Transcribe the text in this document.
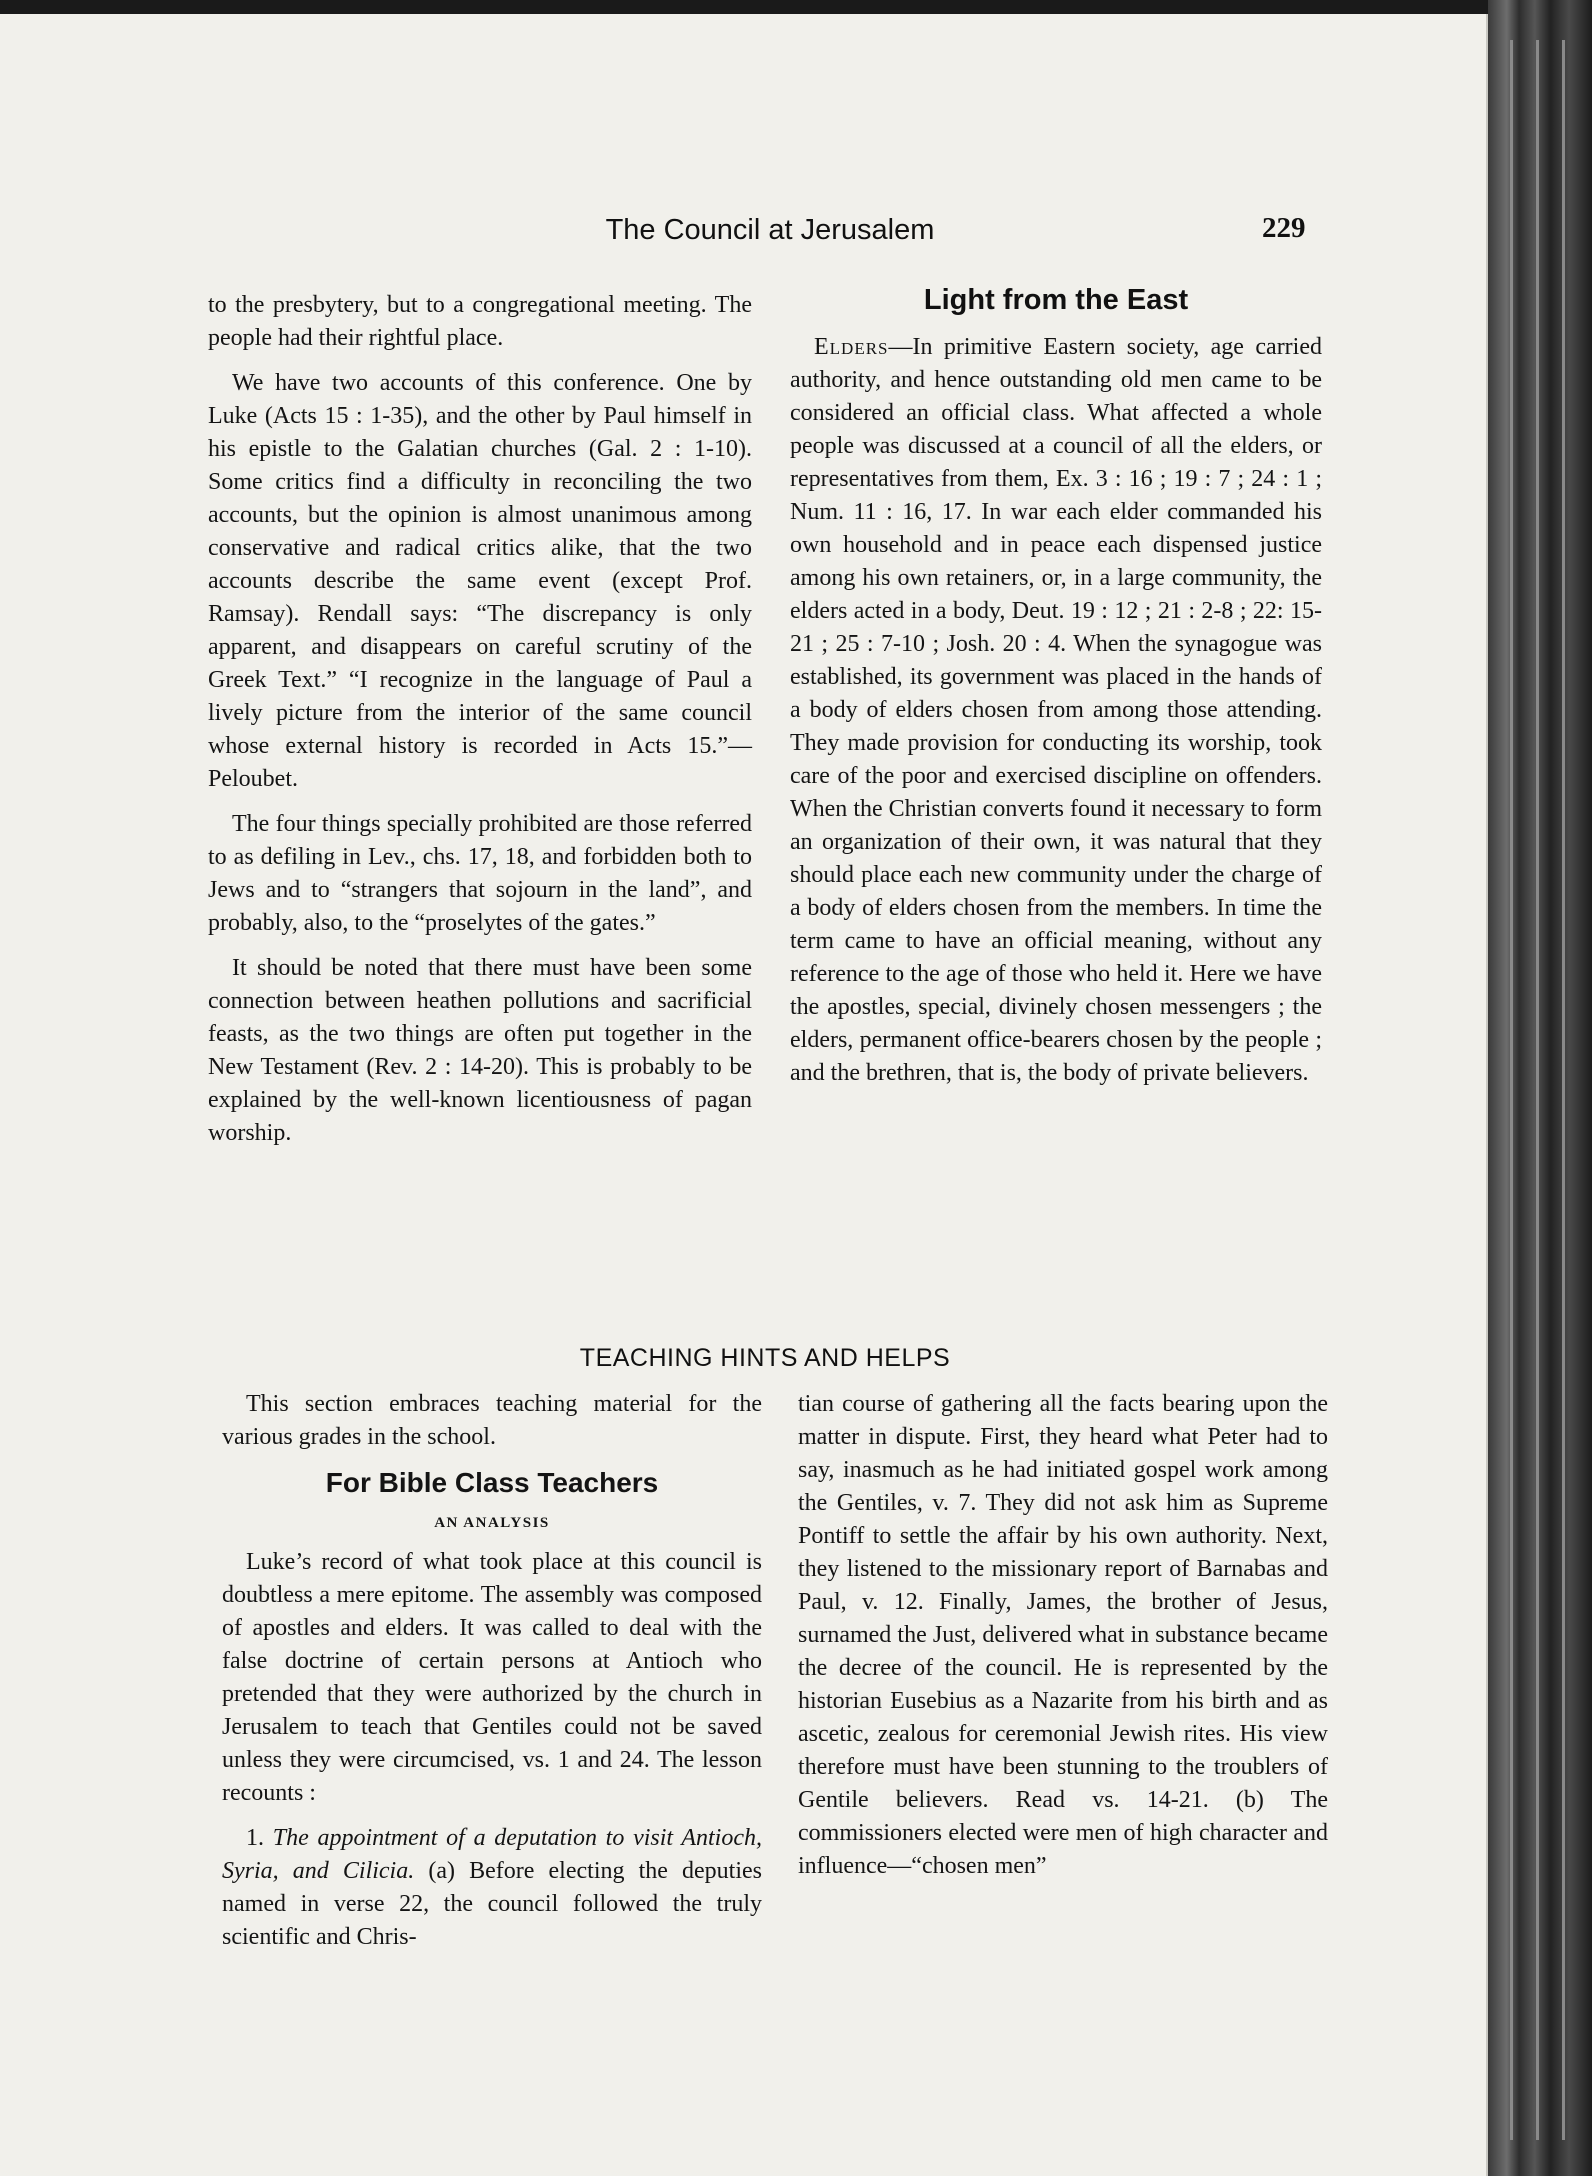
The Council at Jerusalem	229

to the presbytery, but to a congregational meeting. The people had their rightful place.

We have two accounts of this conference. One by Luke (Acts 15 : 1-35), and the other by Paul himself in his epistle to the Galatian churches (Gal. 2 : 1-10). Some critics find a difficulty in reconciling the two accounts, but the opinion is almost unanimous among conservative and radical critics alike, that the two accounts describe the same event (except Prof. Ramsay). Rendall says: “The discrepancy is only apparent, and disappears on careful scrutiny of the Greek Text.” “I recognize in the language of Paul a lively picture from the interior of the same council whose external history is recorded in Acts 15.”—Peloubet.

The four things specially prohibited are those referred to as defiling in Lev., chs. 17, 18, and forbidden both to Jews and to “strangers that sojourn in the land”, and probably, also, to the “proselytes of the gates.”

It should be noted that there must have been some connection between heathen pollutions and sacrificial feasts, as the two things are often put together in the New Testament (Rev. 2 : 14-20). This is probably to be explained by the well-known licentiousness of pagan worship.

Light from the East

Elders—In primitive Eastern society, age carried authority, and hence outstanding old men came to be considered an official class. What affected a whole people was discussed at a council of all the elders, or representatives from them, Ex. 3 : 16 ; 19 : 7 ; 24 : 1 ; Num. 11 : 16, 17. In war each elder commanded his own household and in peace each dispensed justice among his own retainers, or, in a large community, the elders acted in a body, Deut. 19 : 12 ; 21 : 2-8 ; 22: 15-21 ; 25 : 7-10 ; Josh. 20 : 4. When the synagogue was established, its government was placed in the hands of a body of elders chosen from among those attending. They made provision for conducting its worship, took care of the poor and exercised discipline on offenders. When the Christian converts found it necessary to form an organization of their own, it was natural that they should place each new community under the charge of a body of elders chosen from the members. In time the term came to have an official meaning, without any reference to the age of those who held it. Here we have the apostles, special, divinely chosen messengers ; the elders, permanent office-bearers chosen by the people ; and the brethren, that is, the body of private believers.

TEACHING HINTS AND HELPS

This section embraces teaching material for the various grades in the school.

For Bible Class Teachers
AN ANALYSIS

Luke’s record of what took place at this council is doubtless a mere epitome. The assembly was composed of apostles and elders. It was called to deal with the false doctrine of certain persons at Antioch who pretended that they were authorized by the church in Jerusalem to teach that Gentiles could not be saved unless they were circumcised, vs. 1 and 24. The lesson recounts :

1. The appointment of a deputation to visit Antioch, Syria, and Cilicia. (a) Before electing the deputies named in verse 22, the council followed the truly scientific and Chris-

tian course of gathering all the facts bearing upon the matter in dispute. First, they heard what Peter had to say, inasmuch as he had initiated gospel work among the Gentiles, v. 7. They did not ask him as Supreme Pontiff to settle the affair by his own authority. Next, they listened to the missionary report of Barnabas and Paul, v. 12. Finally, James, the brother of Jesus, surnamed the Just, delivered what in substance became the decree of the council. He is represented by the historian Eusebius as a Nazarite from his birth and as ascetic, zealous for ceremonial Jewish rites. His view therefore must have been stunning to the troublers of Gentile believers. Read vs. 14-21. (b) The commissioners elected were men of high character and influence—“chosen men”
